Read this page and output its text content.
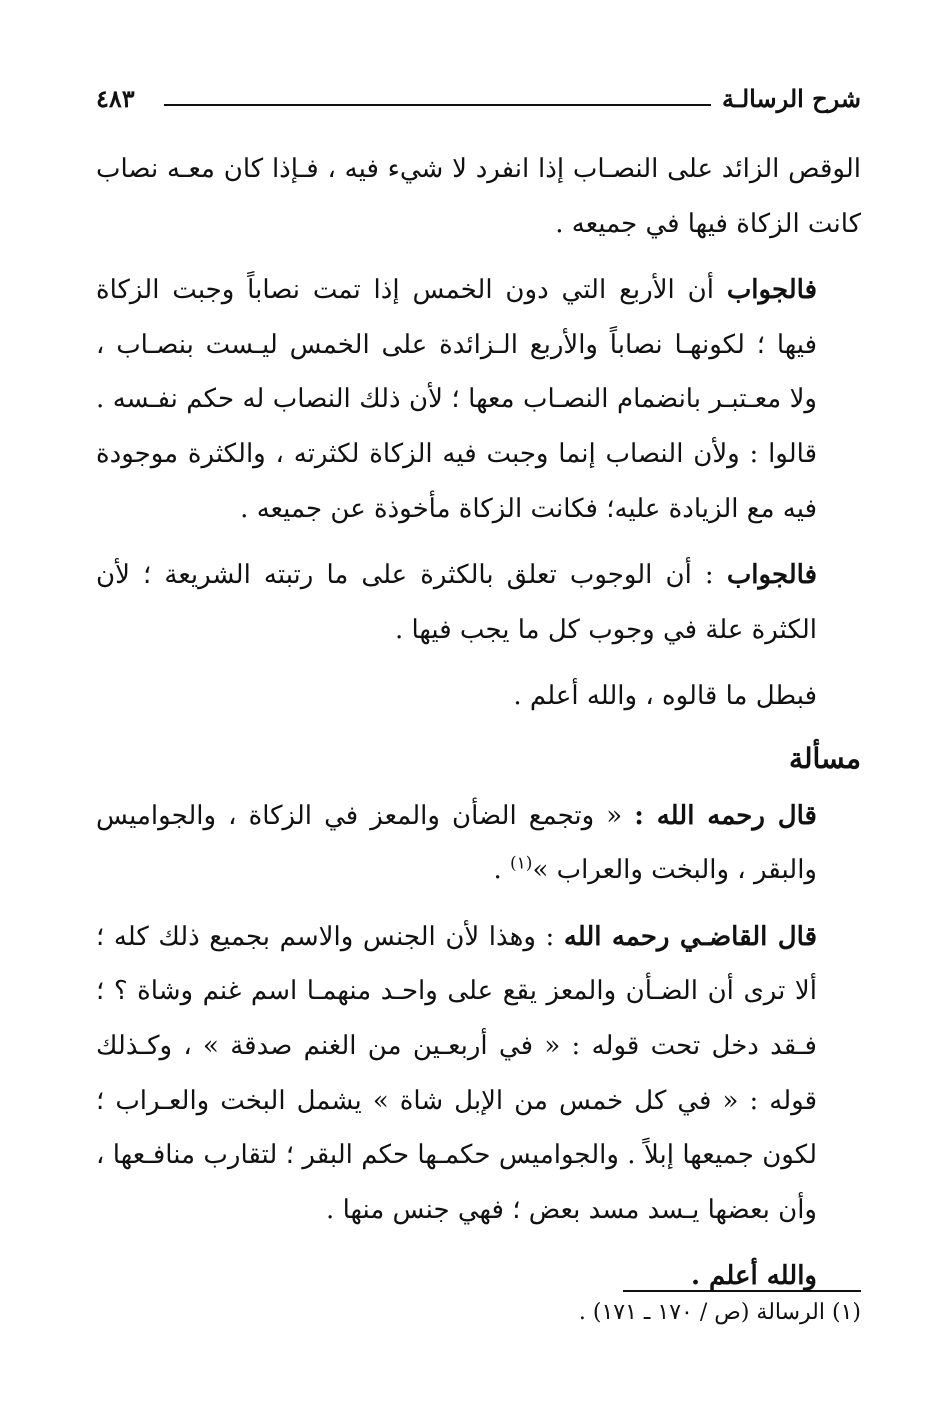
شرح الرسالـة
٤٨٣

الوقص الزائد على النصـاب إذا انفرد لا شيء فيه ، فـإذا كان معـه نصاب كانت الزكاة فيها في جميعه .

فالجواب أن الأربع التي دون الخمس إذا تمت نصاباً وجبت الزكاة فيها ؛ لكونهـا نصاباً والأربع الـزائدة على الخمس ليـست بنصـاب ، ولا معـتبـر بانضمام النصـاب معها ؛ لأن ذلك النصاب له حكم نفـسه . قالوا : ولأن النصاب إنما وجبت فيه الزكاة لكثرته ، والكثرة موجودة فيه مع الزيادة عليه؛ فكانت الزكاة مأخوذة عن جميعه .

فالجواب : أن الوجوب تعلق بالكثرة على ما رتبته الشريعة ؛ لأن الكثرة علة في وجوب كل ما يجب فيها .

فبطل ما قالوه ، والله أعلم .

مسألة

قال رحمه الله : « وتجمع الضأن والمعز في الزكاة ، والجواميس والبقر ، والبخت والعراب »$^{(١)}$ .

قال القاضـي رحمه الله : وهذا لأن الجنس والاسم بجميع ذلك كله ؛ ألا ترى أن الضـأن والمعز يقع على واحـد منهمـا اسم غنم وشاة ؟ ؛ فـقد دخل تحت قوله : « في أربعـين من الغنم صدقة » ، وكـذلك قوله : « في كل خمس من الإبل شاة » يشمل البخت والعـراب ؛ لكون جميعها إبلاً . والجواميس حكمـها حكم البقر ؛ لتقارب منافـعها ، وأن بعضها يـسد مسد بعض ؛ فهي جنس منها .

والله أعلم .

(١) الرسالة (ص / ١٧٠ ـ ١٧١) .
